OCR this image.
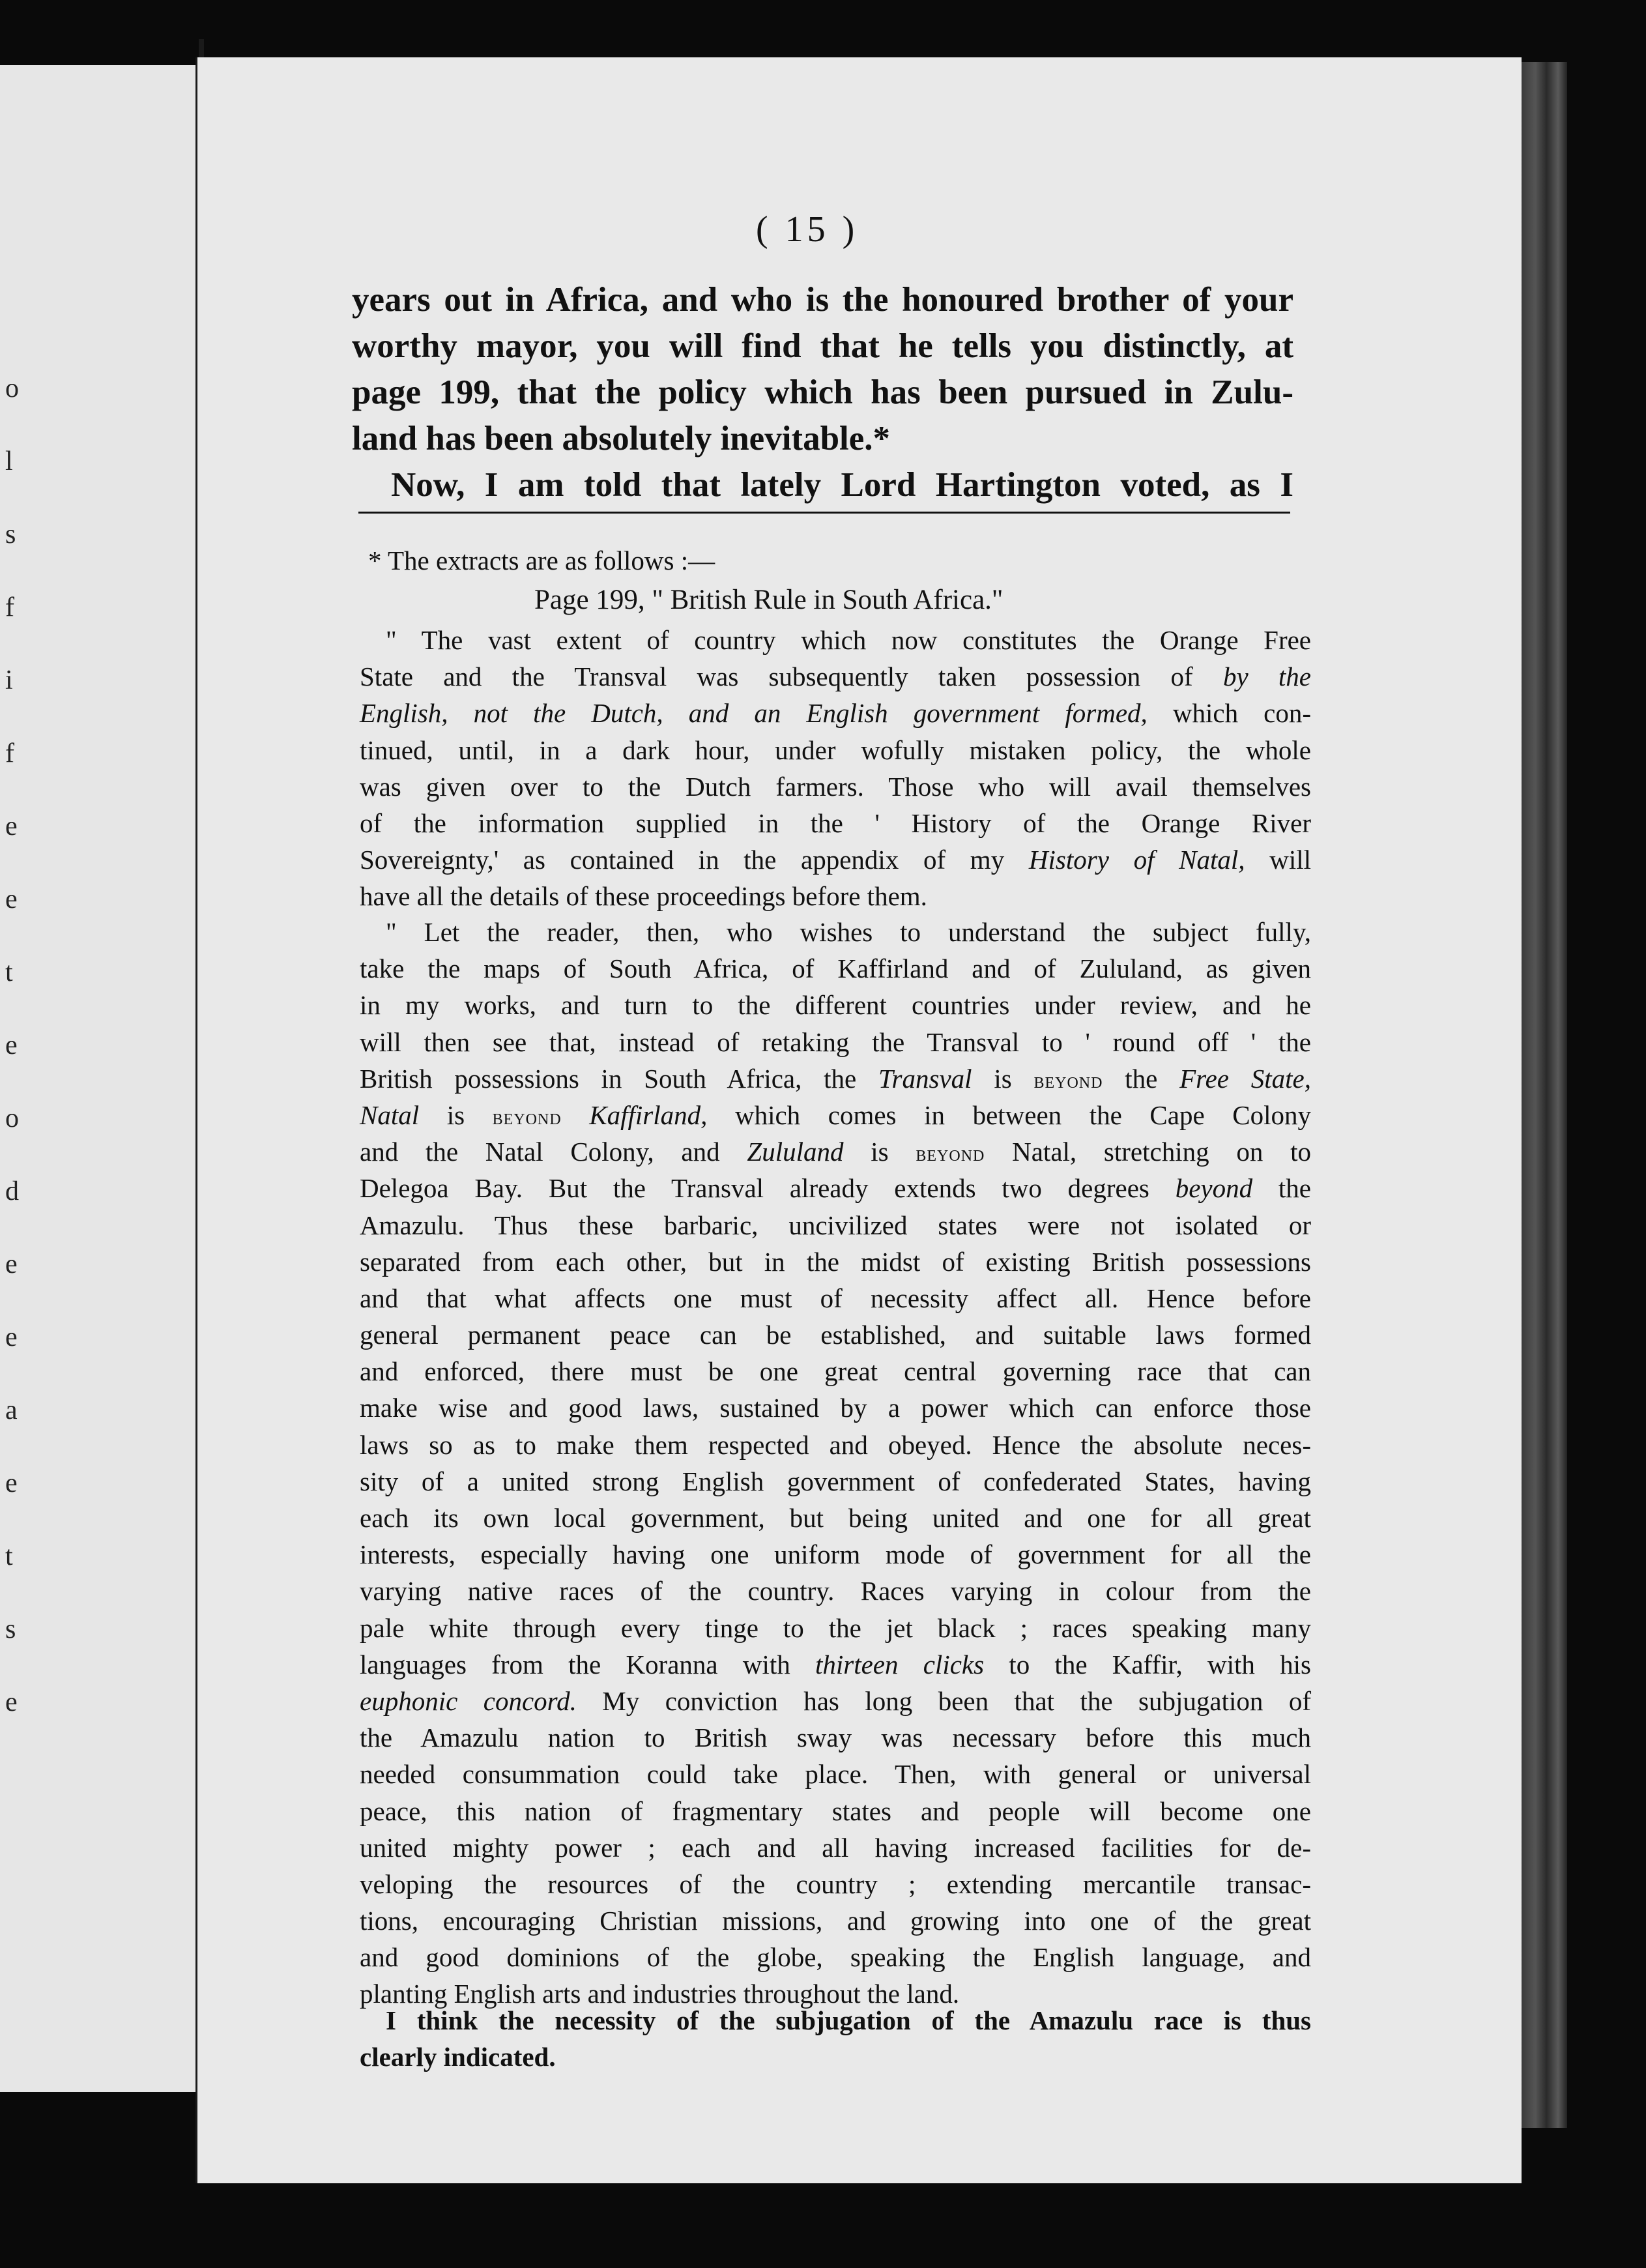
o
l
s
f
i
f
e
e
t
e
o
d
e
e
a
e
t
s
e
( 15 )
years out in Africa, and who is the honoured brother of your
worthy mayor, you will find that he tells you distinctly, at
page 199, that the policy which has been pursued in Zulu-
land has been absolutely inevitable.*
Now, I am told that lately Lord Hartington voted, as I
* The extracts are as follows :—
Page 199, " British Rule in South Africa."
" The vast extent of country which now constitutes the Orange Free
State and the Transval was subsequently taken possession of by the
English, not the Dutch, and an English government formed, which con-
tinued, until, in a dark hour, under wofully mistaken policy, the whole
was given over to the Dutch farmers. Those who will avail themselves
of the information supplied in the ' History of the Orange River
Sovereignty,' as contained in the appendix of my History of Natal, will
have all the details of these proceedings before them.
" Let the reader, then, who wishes to understand the subject fully,
take the maps of South Africa, of Kaffirland and of Zululand, as given
in my works, and turn to the different countries under review, and he
will then see that, instead of retaking the Transval to ' round off ' the
British possessions in South Africa, the Transval is beyond the Free State,
Natal is beyond Kaffirland, which comes in between the Cape Colony
and the Natal Colony, and Zululand is beyond Natal, stretching on to
Delegoa Bay. But the Transval already extends two degrees beyond the
Amazulu. Thus these barbaric, uncivilized states were not isolated or
separated from each other, but in the midst of existing British possessions
and that what affects one must of necessity affect all. Hence before
general permanent peace can be established, and suitable laws formed
and enforced, there must be one great central governing race that can
make wise and good laws, sustained by a power which can enforce those
laws so as to make them respected and obeyed. Hence the absolute neces-
sity of a united strong English government of confederated States, having
each its own local government, but being united and one for all great
interests, especially having one uniform mode of government for all the
varying native races of the country. Races varying in colour from the
pale white through every tinge to the jet black ; races speaking many
languages from the Koranna with thirteen clicks to the Kaffir, with his
euphonic concord. My conviction has long been that the subjugation of
the Amazulu nation to British sway was necessary before this much
needed consummation could take place. Then, with general or universal
peace, this nation of fragmentary states and people will become one
united mighty power ; each and all having increased facilities for de-
veloping the resources of the country ; extending mercantile transac-
tions, encouraging Christian missions, and growing into one of the great
and good dominions of the globe, speaking the English language, and
planting English arts and industries throughout the land.
I think the necessity of the subjugation of the Amazulu race is thus
clearly indicated.
